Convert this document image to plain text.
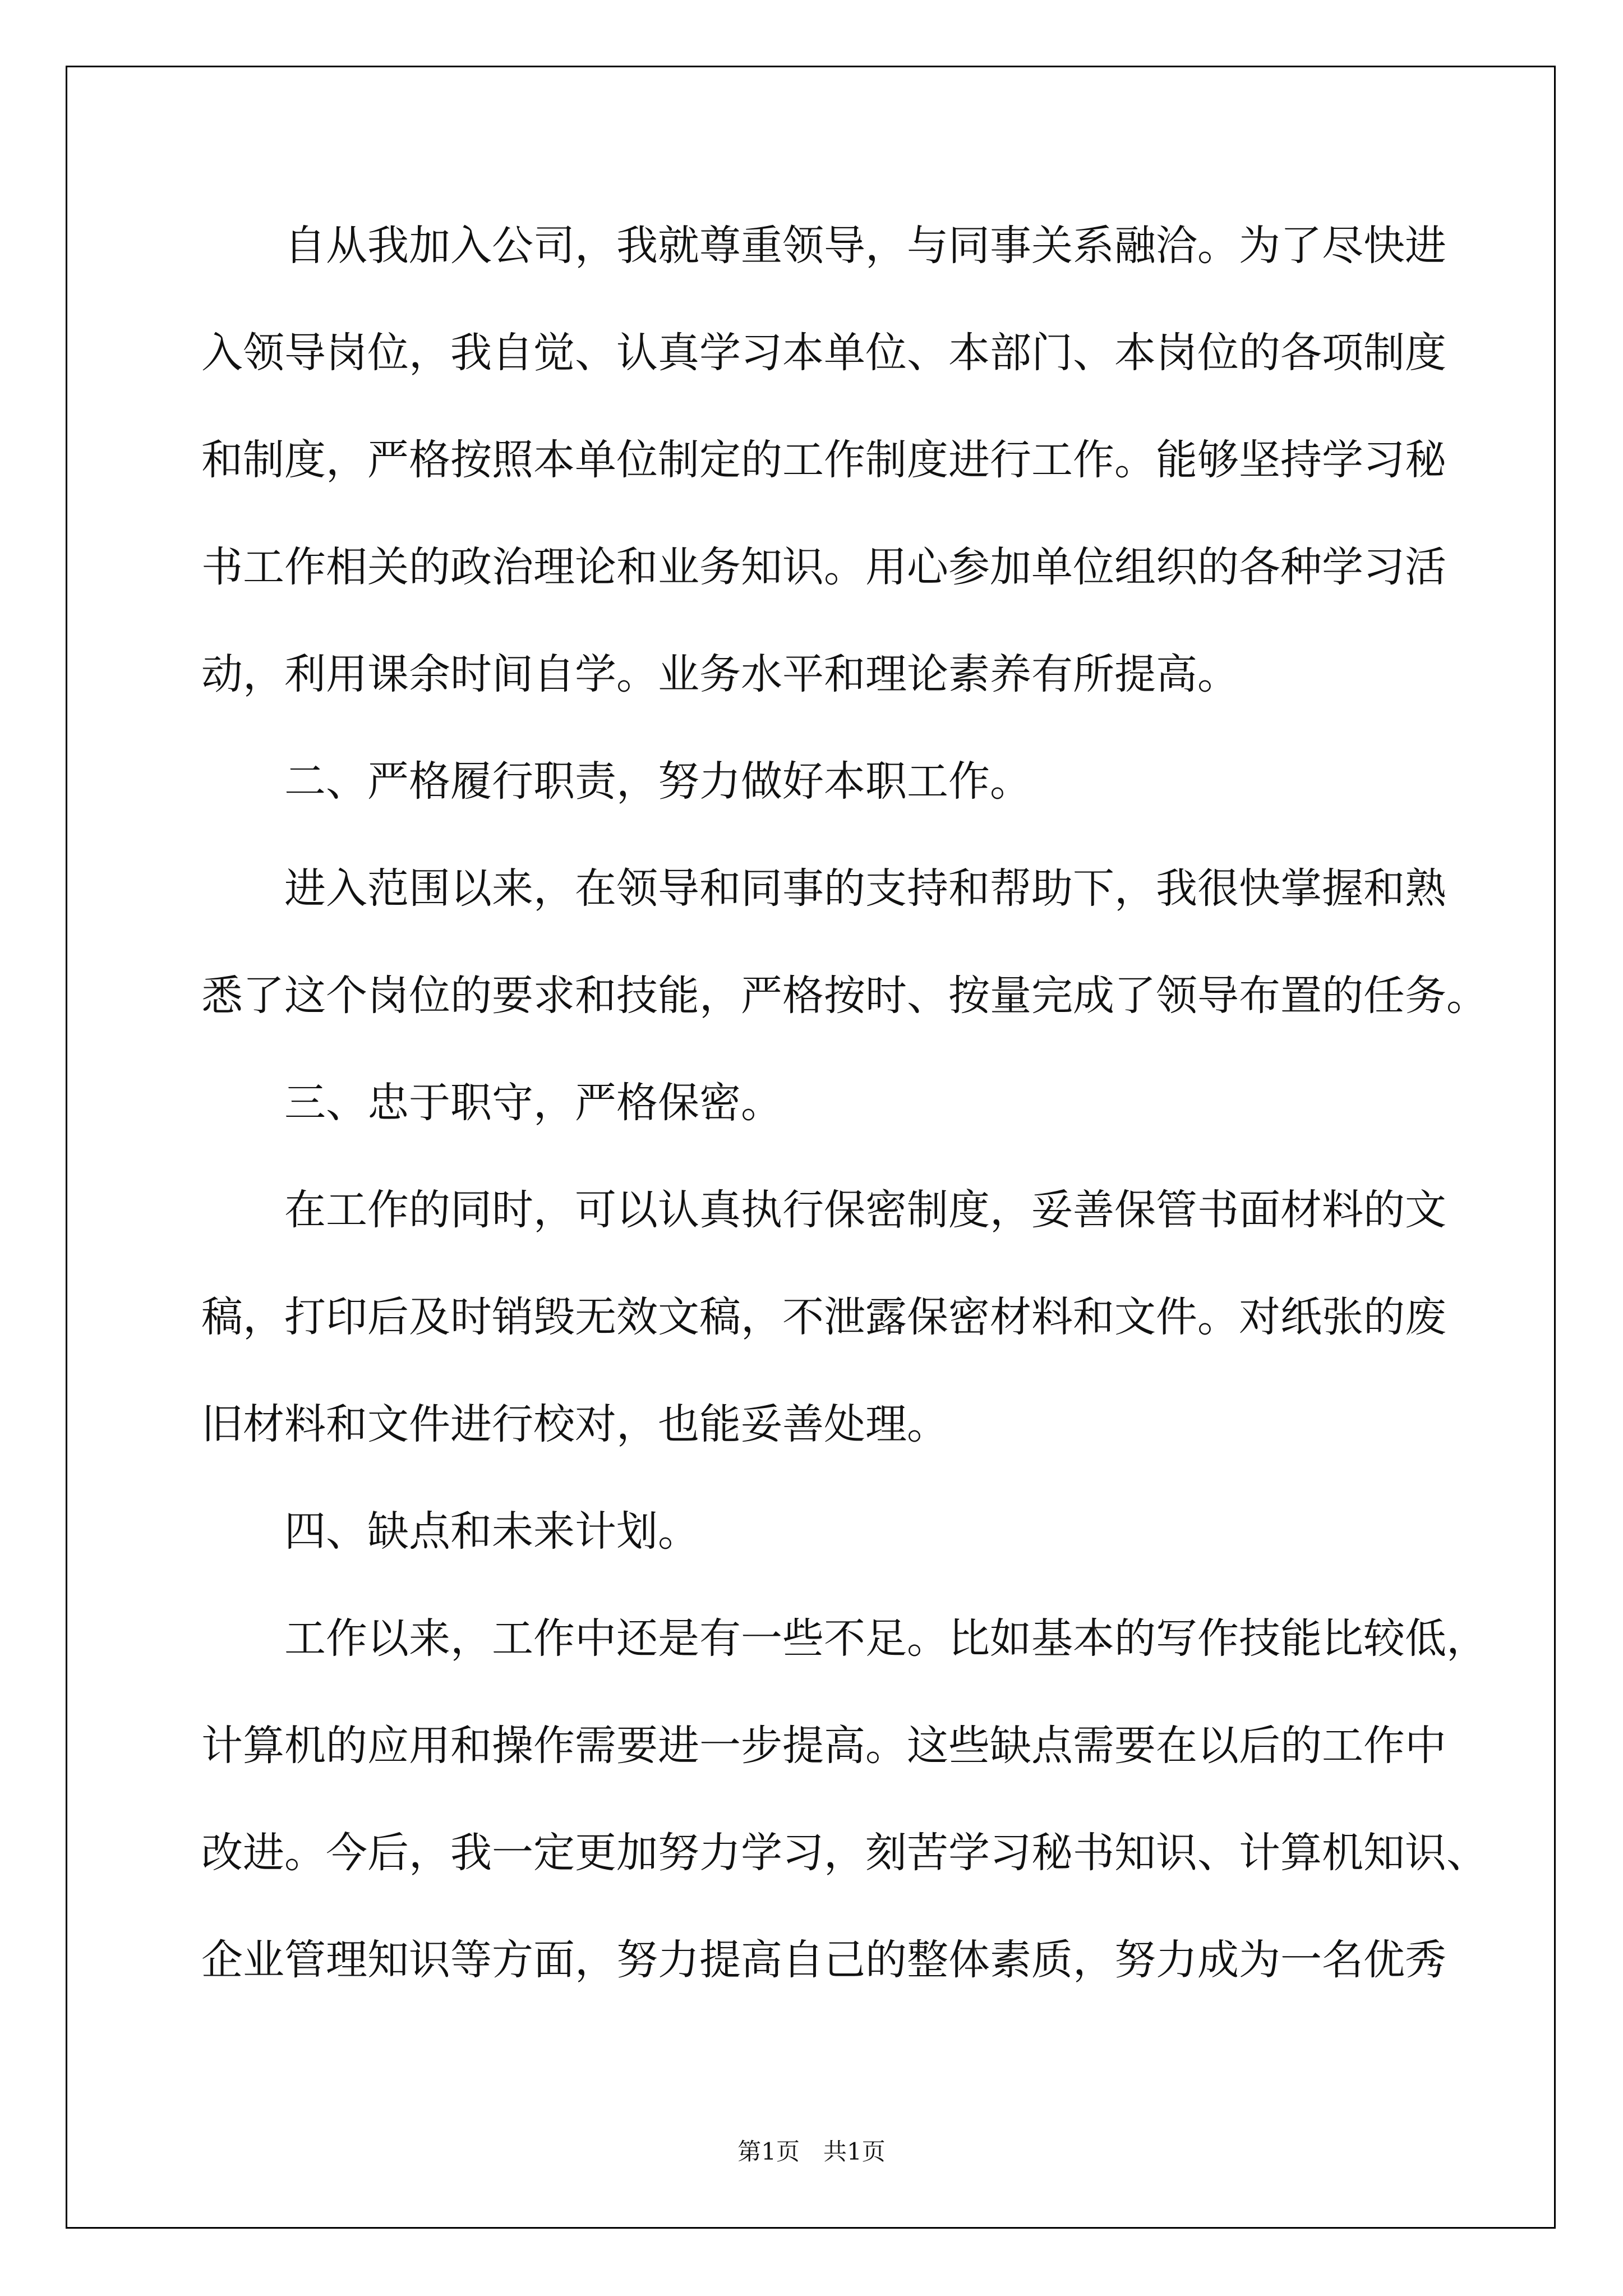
　　自从我加入公司，我就尊重领导，与同事关系融洽。为了尽快进
入领导岗位，我自觉、认真学习本单位、本部门、本岗位的各项制度
和制度，严格按照本单位制定的工作制度进行工作。能够坚持学习秘
书工作相关的政治理论和业务知识。用心参加单位组织的各种学习活
动，利用课余时间自学。业务水平和理论素养有所提高。
　　二、严格履行职责，努力做好本职工作。
　　进入范围以来，在领导和同事的支持和帮助下，我很快掌握和熟
悉了这个岗位的要求和技能，严格按时、按量完成了领导布置的任务。
　　三、忠于职守，严格保密。
　　在工作的同时，可以认真执行保密制度，妥善保管书面材料的文
稿，打印后及时销毁无效文稿，不泄露保密材料和文件。对纸张的废
旧材料和文件进行校对，也能妥善处理。
　　四、缺点和未来计划。
　　工作以来，工作中还是有一些不足。比如基本的写作技能比较低，
计算机的应用和操作需要进一步提高。这些缺点需要在以后的工作中
改进。今后，我一定更加努力学习，刻苦学习秘书知识、计算机知识、
企业管理知识等方面，努力提高自己的整体素质，努力成为一名优秀
第1页　共1页
